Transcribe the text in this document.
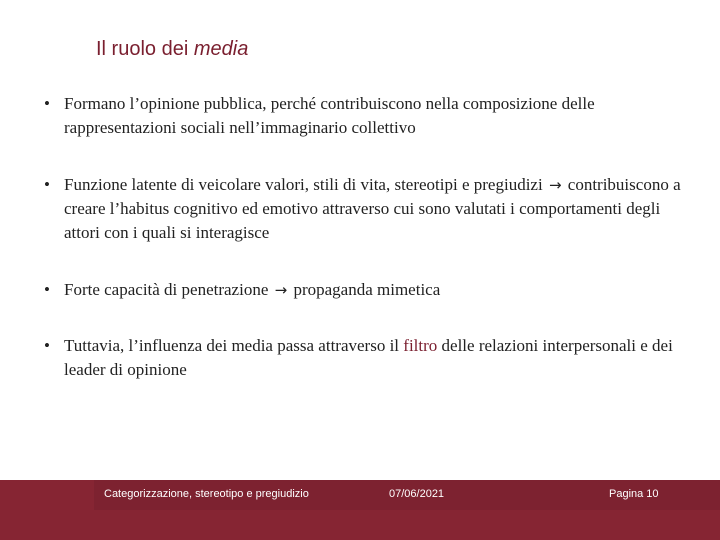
Il ruolo dei media
• Formano l’opinione pubblica, perché contribuiscono nella composizione delle rappresentazioni sociali nell’immaginario collettivo
• Funzione latente di veicolare valori, stili di vita, stereotipi e pregiudizi → contribuiscono a creare l’habitus cognitivo ed emotivo attraverso cui sono valutati i comportamenti degli attori con i quali si interagisce
• Forte capacità di penetrazione → propaganda mimetica
• Tuttavia, l’influenza dei media passa attraverso il filtro delle relazioni interpersonali e dei leader di opinione
Categorizzazione, stereotipo e pregiudizio	07/06/2021	Pagina 10
